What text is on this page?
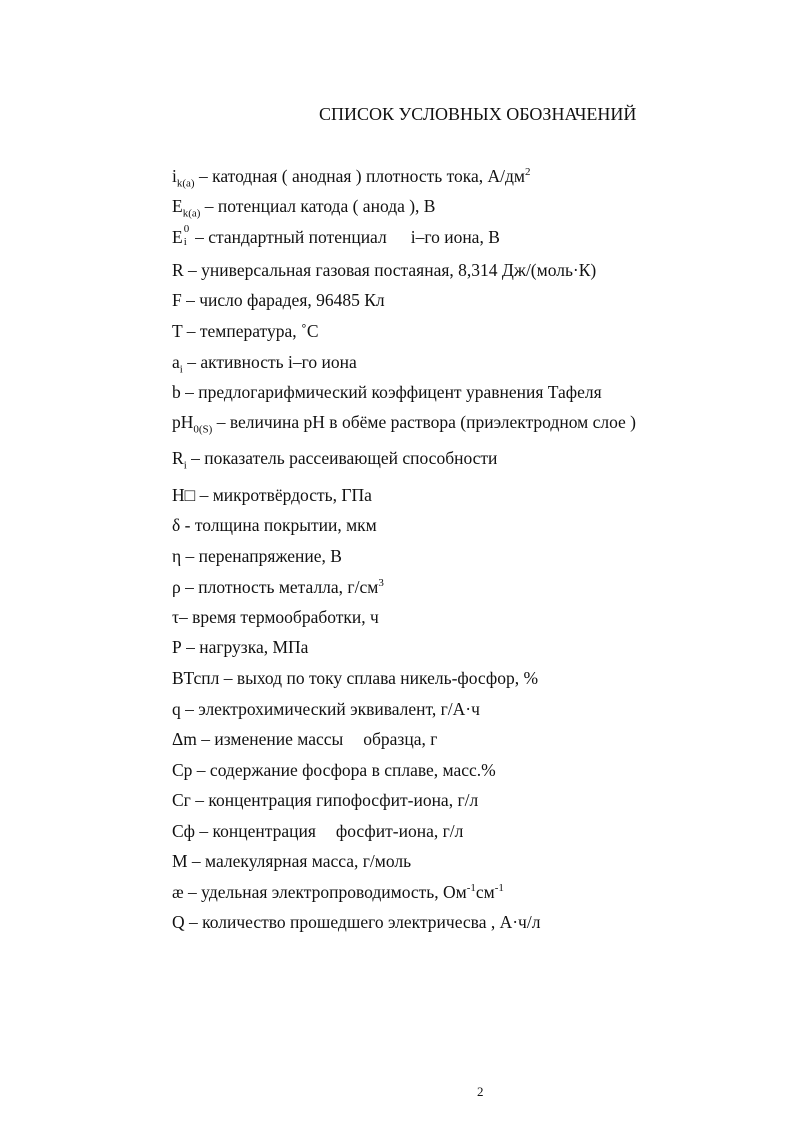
СПИСОК УСЛОВНЫХ ОБОЗНАЧЕНИЙ
$i_{k(a)}$ – катодная ( анодная ) плотность тока, $А/дм^2$
$E_{k(a)}$ – потенциал катода ( анода ), В
E 0
i – стандартный потенциал i–го иона, В
R – универсальная газовая постаяная, 8,314 Дж/(моль·К)
F – число фарадея, 96485 Кл
T – температура, ˚C
$a_i$ – активность i–го иона
b – предлогарифмический коэффицент уравнения Тафеля
$pH_{0(S)}$ – величина рН в обёме раствора (приэлектродном слое )
$R_i$ – показатель рассеивающей способности
H□ – микротвёрдость, ГПа
δ - толщина покрытии, мкм
η – перенапряжение, В
ρ – плотность металла, $г/см^3$
τ– время термообработки, ч
Р – нагрузка, МПа
ВТспл – выход по току сплава никель-фосфор, %
q – электрохимический эквивалент, г/А·ч
Δm – изменение массы образца, г
Cp – содержание фосфора в сплаве, масс.%
Cг – концентрация гипофосфит-иона, г/л
Cф – концентрация фосфит-иона, г/л
М – малекулярная масса, г/моль
æ – удельная электропроводимость, $Ом^{-1}см^{-1}$
Q – количество прошедшего электричесва , А·ч/л
2
